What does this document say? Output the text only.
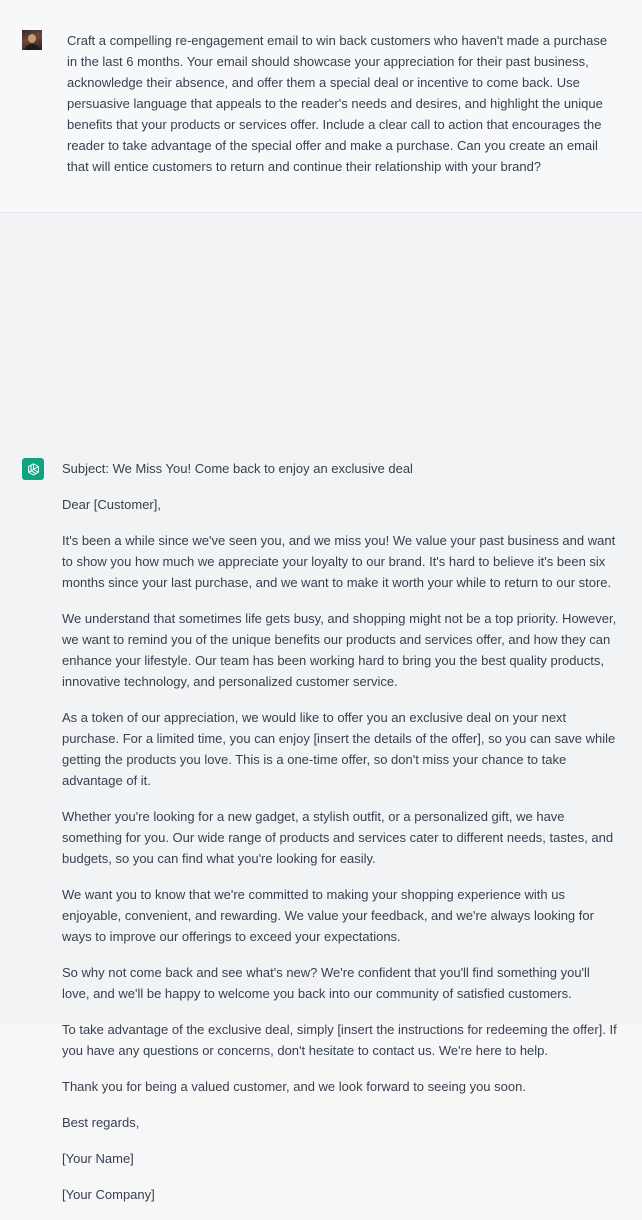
Craft a compelling re-engagement email to win back customers who haven't made a purchase in the last 6 months. Your email should showcase your appreciation for their past business, acknowledge their absence, and offer them a special deal or incentive to come back. Use persuasive language that appeals to the reader's needs and desires, and highlight the unique benefits that your products or services offer. Include a clear call to action that encourages the reader to take advantage of the special offer and make a purchase. Can you create an email that will entice customers to return and continue their relationship with your brand?

Subject: We Miss You! Come back to enjoy an exclusive deal

Dear [Customer],

It's been a while since we've seen you, and we miss you! We value your past business and want to show you how much we appreciate your loyalty to our brand. It's hard to believe it's been six months since your last purchase, and we want to make it worth your while to return to our store.

We understand that sometimes life gets busy, and shopping might not be a top priority. However, we want to remind you of the unique benefits our products and services offer, and how they can enhance your lifestyle. Our team has been working hard to bring you the best quality products, innovative technology, and personalized customer service.

As a token of our appreciation, we would like to offer you an exclusive deal on your next purchase. For a limited time, you can enjoy [insert the details of the offer], so you can save while getting the products you love. This is a one-time offer, so don't miss your chance to take advantage of it.

Whether you're looking for a new gadget, a stylish outfit, or a personalized gift, we have something for you. Our wide range of products and services cater to different needs, tastes, and budgets, so you can find what you're looking for easily.

We want you to know that we're committed to making your shopping experience with us enjoyable, convenient, and rewarding. We value your feedback, and we're always looking for ways to improve our offerings to exceed your expectations.

So why not come back and see what's new? We're confident that you'll find something you'll love, and we'll be happy to welcome you back into our community of satisfied customers.

To take advantage of the exclusive deal, simply [insert the instructions for redeeming the offer]. If you have any questions or concerns, don't hesitate to contact us. We're here to help.

Thank you for being a valued customer, and we look forward to seeing you soon.

Best regards,

[Your Name]

[Your Company]
